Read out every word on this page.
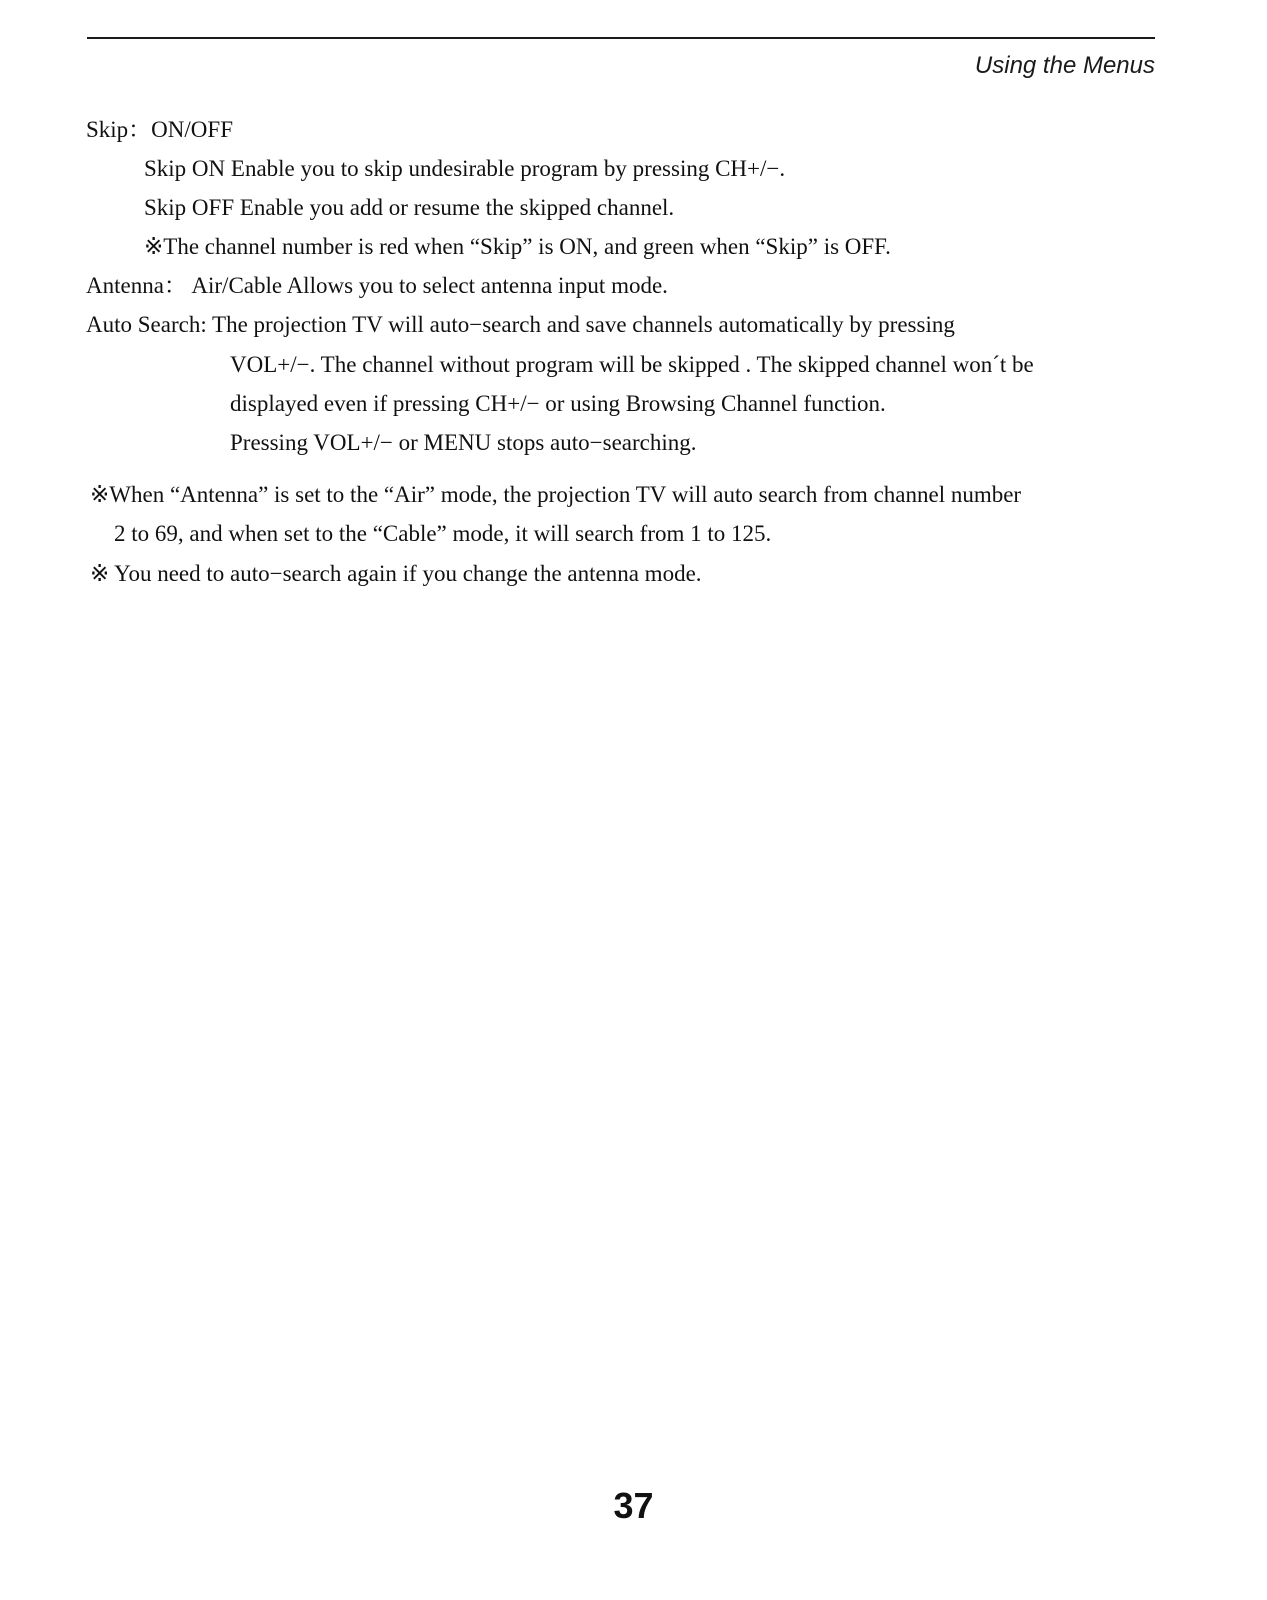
Using the Menus
Skip：ON/OFF
Skip ON Enable you to skip undesirable program by pressing CH+/−.
Skip OFF Enable you add or resume the skipped channel.
※The channel number is red when “Skip” is ON, and green when “Skip” is OFF.
Antenna： Air/Cable Allows you to select antenna input mode.
Auto Search: The projection TV will auto−search and save channels automatically by pressing
VOL+/−. The channel without program will be skipped . The skipped channel won´t be
displayed even if pressing CH+/− or using Browsing Channel function.
Pressing VOL+/− or MENU stops auto−searching.
※When “Antenna” is set to the “Air” mode, the projection TV will auto search from channel number
2 to 69, and when set to the “Cable” mode, it will search from 1 to 125.
※ You need to auto−search again if you change the antenna mode.
37
